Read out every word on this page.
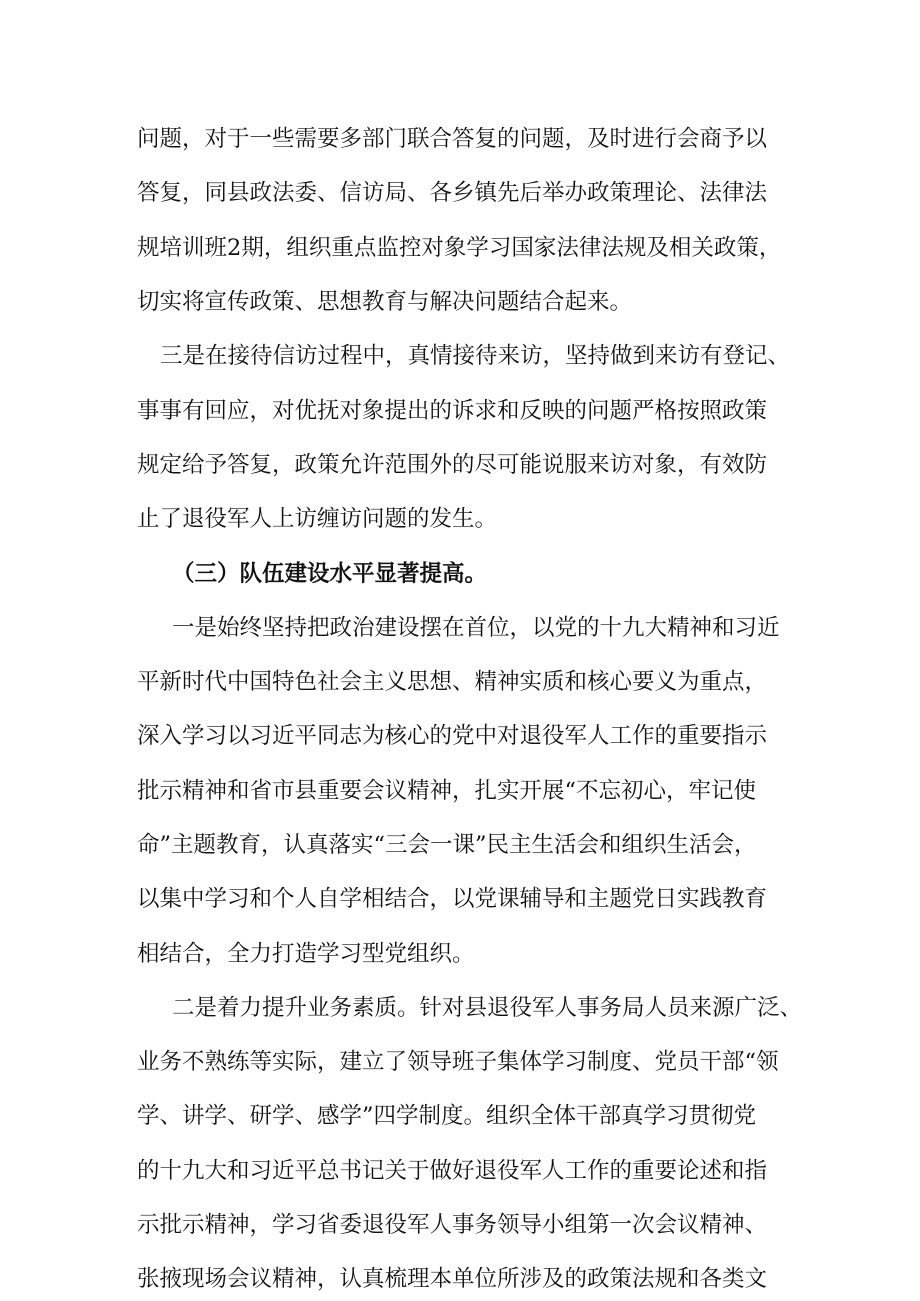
问题，对于一些需要多部门联合答复的问题，及时进行会商予以
答复，同县政法委、信访局、各乡镇先后举办政策理论、法律法
规培训班2期，组织重点监控对象学习国家法律法规及相关政策，
切实将宣传政策、思想教育与解决问题结合起来。
三是在接待信访过程中，真情接待来访，坚持做到来访有登记、
事事有回应，对优抚对象提出的诉求和反映的问题严格按照政策
规定给予答复，政策允许范围外的尽可能说服来访对象，有效防
止了退役军人上访缠访问题的发生。
（三）队伍建设水平显著提高。
一是始终坚持把政治建设摆在首位，以党的十九大精神和习近
平新时代中国特色社会主义思想、精神实质和核心要义为重点，
深入学习以习近平同志为核心的党中对退役军人工作的重要指示
批示精神和省市县重要会议精神，扎实开展“不忘初心，牢记使
命”主题教育，认真落实“三会一课”民主生活会和组织生活会，
以集中学习和个人自学相结合，以党课辅导和主题党日实践教育
相结合，全力打造学习型党组织。
二是着力提升业务素质。针对县退役军人事务局人员来源广泛、
业务不熟练等实际，建立了领导班子集体学习制度、党员干部“领
学、讲学、研学、感学”四学制度。组织全体干部真学习贯彻党
的十九大和习近平总书记关于做好退役军人工作的重要论述和指
示批示精神，学习省委退役军人事务领导小组第一次会议精神、
张掖现场会议精神，认真梳理本单位所涉及的政策法规和各类文
